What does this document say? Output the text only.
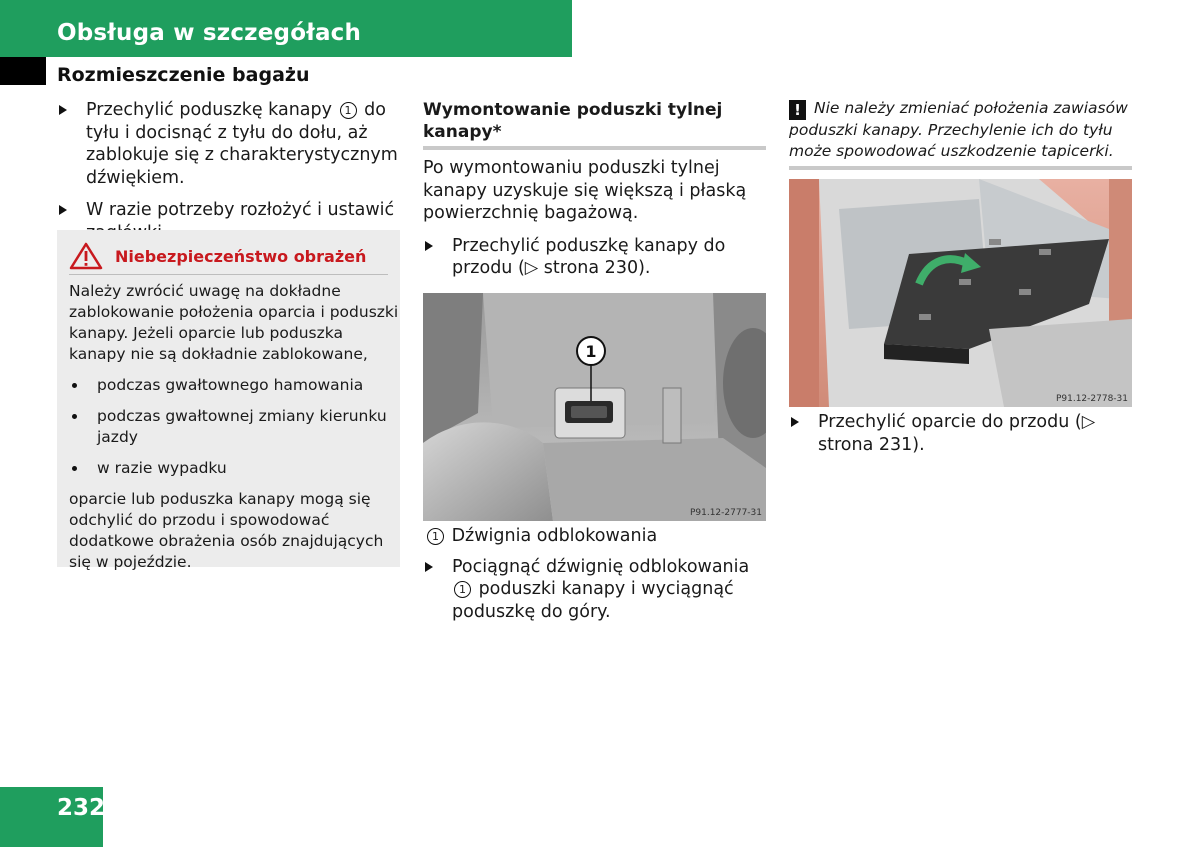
Obsługa w szczegółach
Rozmieszczenie bagażu
Przechylić poduszkę kanapy 1 do tyłu i docisnąć z tyłu do dołu, aż zablokuje się z charakterystycznym dźwiękiem.
W razie potrzeby rozłożyć i ustawić
Niebezpieczeństwo obrażeń

Należy zwrócić uwagę na dokładne zablokowanie położenia oparcia i poduszki kanapy. Jeżeli oparcie lub poduszka kanapy nie są dokładnie zablokowane,

podczas gwałtownego hamowania
podczas gwałtownej zmiany kierunku jazdy
w razie wypadku

oparcie lub poduszka kanapy mogą się odchylić do przodu i spowodować dodatkowe obrażenia osób znajdujących się w pojeździe.

Wymontowanie poduszki tylnej kanapy*
Po wymontowaniu poduszki tylnej kanapy uzyskuje się większą i płaską powierzchnię bagażową.
Przechylić poduszkę kanapy do przodu (▷ strona 230).
1
P91.12-2777-31
1 Dźwignia odblokowania
Pociągnąć dźwignię odblokowania 1 poduszki kanapy i wyciągnąć poduszkę do góry.
! Nie należy zmieniać położenia zawiasów poduszki kanapy. Przechylenie ich do tyłu może spowodować uszkodzenie tapicerki.
P91.12-2778-31
Przechylić oparcie do przodu (▷ strona 231).
232
